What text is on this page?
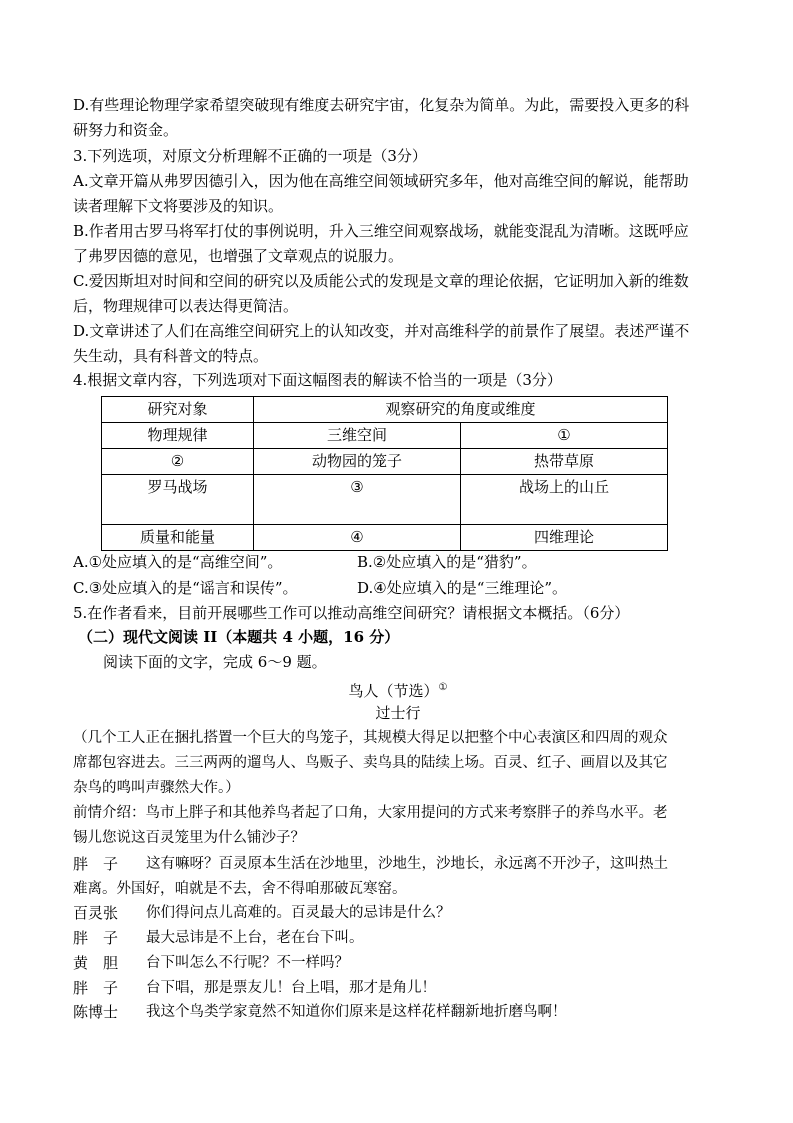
D.有些理论物理学家希望突破现有维度去研究宇宙，化复杂为简单。为此，需要投入更多的科
研努力和资金。
3.下列选项，对原文分析理解不正确的一项是（3分）
A.文章开篇从弗罗因德引入，因为他在高维空间领域研究多年，他对高维空间的解说，能帮助
读者理解下文将要涉及的知识。
B.作者用古罗马将军打仗的事例说明，升入三维空间观察战场，就能变混乱为清晰。这既呼应
了弗罗因德的意见，也增强了文章观点的说服力。
C.爱因斯坦对时间和空间的研究以及质能公式的发现是文章的理论依据，它证明加入新的维数
后，物理规律可以表达得更简洁。
D.文章讲述了人们在高维空间研究上的认知改变，并对高维科学的前景作了展望。表述严谨不
失生动，具有科普文的特点。
4.根据文章内容，下列选项对下面这幅图表的解读不恰当的一项是（3分）
研究对象	观察研究的角度或维度	
物理规律	三维空间	①
②	动物园的笼子	热带草原
罗马战场	③	战场上的山丘
质量和能量	④	四维理论
A.①处应填入的是“高维空间”。	B.②处应填入的是“猎豹”。
C.③处应填入的是“谣言和误传”。	D.④处应填入的是“三维理论”。
5.在作者看来，目前开展哪些工作可以推动高维空间研究？请根据文本概括。（6分）
（二）现代文阅读 II（本题共 4 小题，16 分）
阅读下面的文字，完成 6～9 题。
鸟人（节选）①
过士行
（几个工人正在捆扎搭置一个巨大的鸟笼子，其规模大得足以把整个中心表演区和四周的观众
席都包容进去。三三两两的遛鸟人、鸟贩子、卖鸟具的陆续上场。百灵、红子、画眉以及其它
杂鸟的鸣叫声骤然大作。）
前情介绍：鸟市上胖子和其他养鸟者起了口角，大家用提问的方式来考察胖子的养鸟水平。老
锡儿您说这百灵笼里为什么铺沙子？
胖　子	这有嘛呀？百灵原本生活在沙地里，沙地生，沙地长，永远离不开沙子，这叫热土
难离。外国好，咱就是不去，舍不得咱那破瓦寒窑。
百灵张	你们得问点儿高难的。百灵最大的忌讳是什么？
胖　子	最大忌讳是不上台，老在台下叫。
黄　胆	台下叫怎么不行呢？不一样吗？
胖　子	台下唱，那是票友儿！台上唱，那才是角儿！
陈博士	我这个鸟类学家竟然不知道你们原来是这样花样翻新地折磨鸟啊！
